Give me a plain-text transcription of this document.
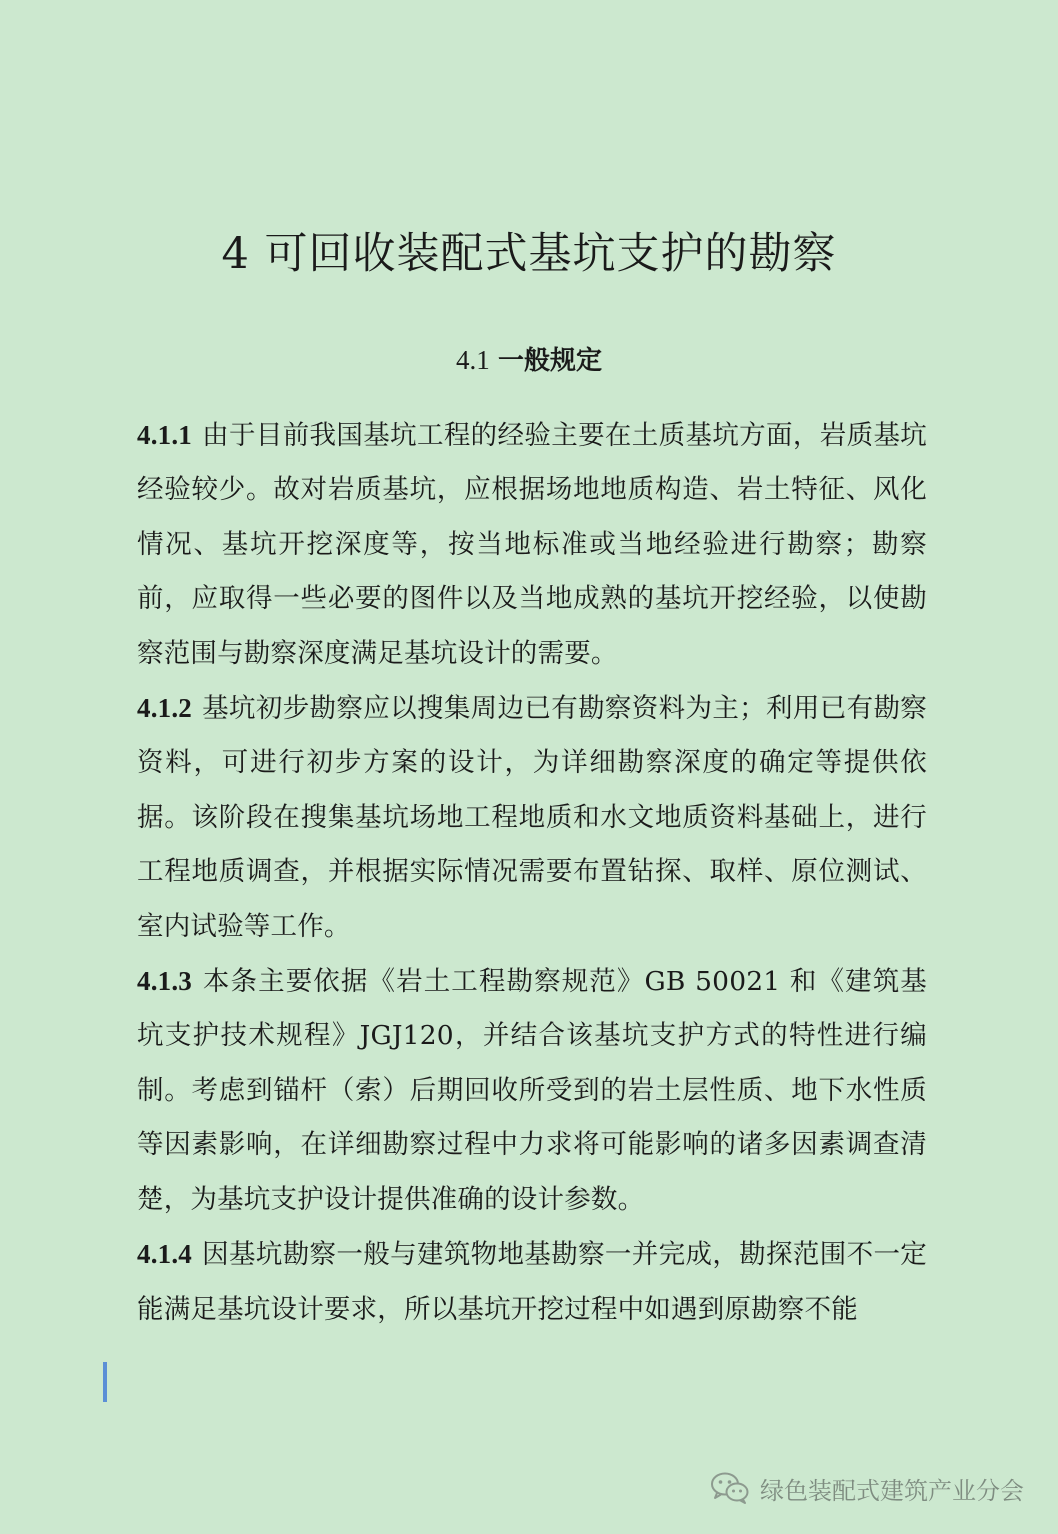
4 可回收装配式基坑支护的勘察
4.1 一般规定

4.1.1 由于目前我国基坑工程的经验主要在土质基坑方面，岩质基坑经验较少。故对岩质基坑，应根据场地地质构造、岩土特征、风化情况、基坑开挖深度等，按当地标准或当地经验进行勘察；勘察前，应取得一些必要的图件以及当地成熟的基坑开挖经验，以使勘察范围与勘察深度满足基坑设计的需要。

4.1.2 基坑初步勘察应以搜集周边已有勘察资料为主；利用已有勘察资料，可进行初步方案的设计，为详细勘察深度的确定等提供依据。该阶段在搜集基坑场地工程地质和水文地质资料基础上，进行工程地质调查，并根据实际情况需要布置钻探、取样、原位测试、室内试验等工作。

4.1.3 本条主要依据《岩土工程勘察规范》GB 50021 和《建筑基坑支护技术规程》JGJ120，并结合该基坑支护方式的特性进行编制。考虑到锚杆（索）后期回收所受到的岩土层性质、地下水性质等因素影响，在详细勘察过程中力求将可能影响的诸多因素调查清楚，为基坑支护设计提供准确的设计参数。

4.1.4 因基坑勘察一般与建筑物地基勘察一并完成，勘探范围不一定能满足基坑设计要求，所以基坑开挖过程中如遇到原勘察不能

绿色装配式建筑产业分会
